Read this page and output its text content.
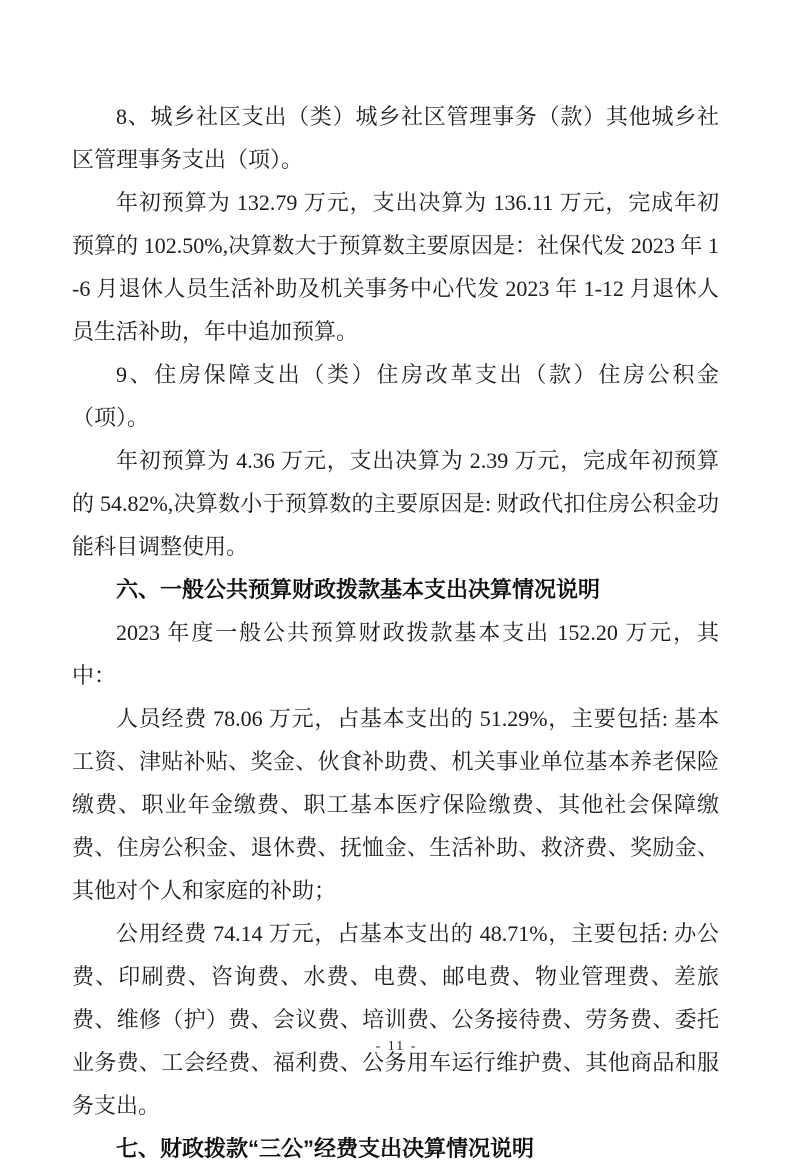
8、城乡社区支出（类）城乡社区管理事务（款）其他城乡社区管理事务支出（项）。

年初预算为 132.79 万元，支出决算为 136.11 万元，完成年初预算的 102.50%,决算数大于预算数主要原因是：社保代发 2023 年 1-6 月退休人员生活补助及机关事务中心代发 2023 年 1-12 月退休人员生活补助，年中追加预算。

9、住房保障支出（类）住房改革支出（款）住房公积金（项）。

年初预算为 4.36 万元，支出决算为 2.39 万元，完成年初预算的 54.82%,决算数小于预算数的主要原因是: 财政代扣住房公积金功能科目调整使用。

六、一般公共预算财政拨款基本支出决算情况说明

2023 年度一般公共预算财政拨款基本支出 152.20 万元，其中：

人员经费 78.06 万元，占基本支出的 51.29%，主要包括: 基本工资、津贴补贴、奖金、伙食补助费、机关事业单位基本养老保险缴费、职业年金缴费、职工基本医疗保险缴费、其他社会保障缴费、住房公积金、退休费、抚恤金、生活补助、救济费、奖励金、其他对个人和家庭的补助；

公用经费 74.14 万元，占基本支出的 48.71%，主要包括: 办公费、印刷费、咨询费、水费、电费、邮电费、物业管理费、差旅费、维修（护）费、会议费、培训费、公务接待费、劳务费、委托业务费、工会经费、福利费、公务用车运行维护费、其他商品和服务支出。

七、财政拨款“三公”经费支出决算情况说明

- 11 -
